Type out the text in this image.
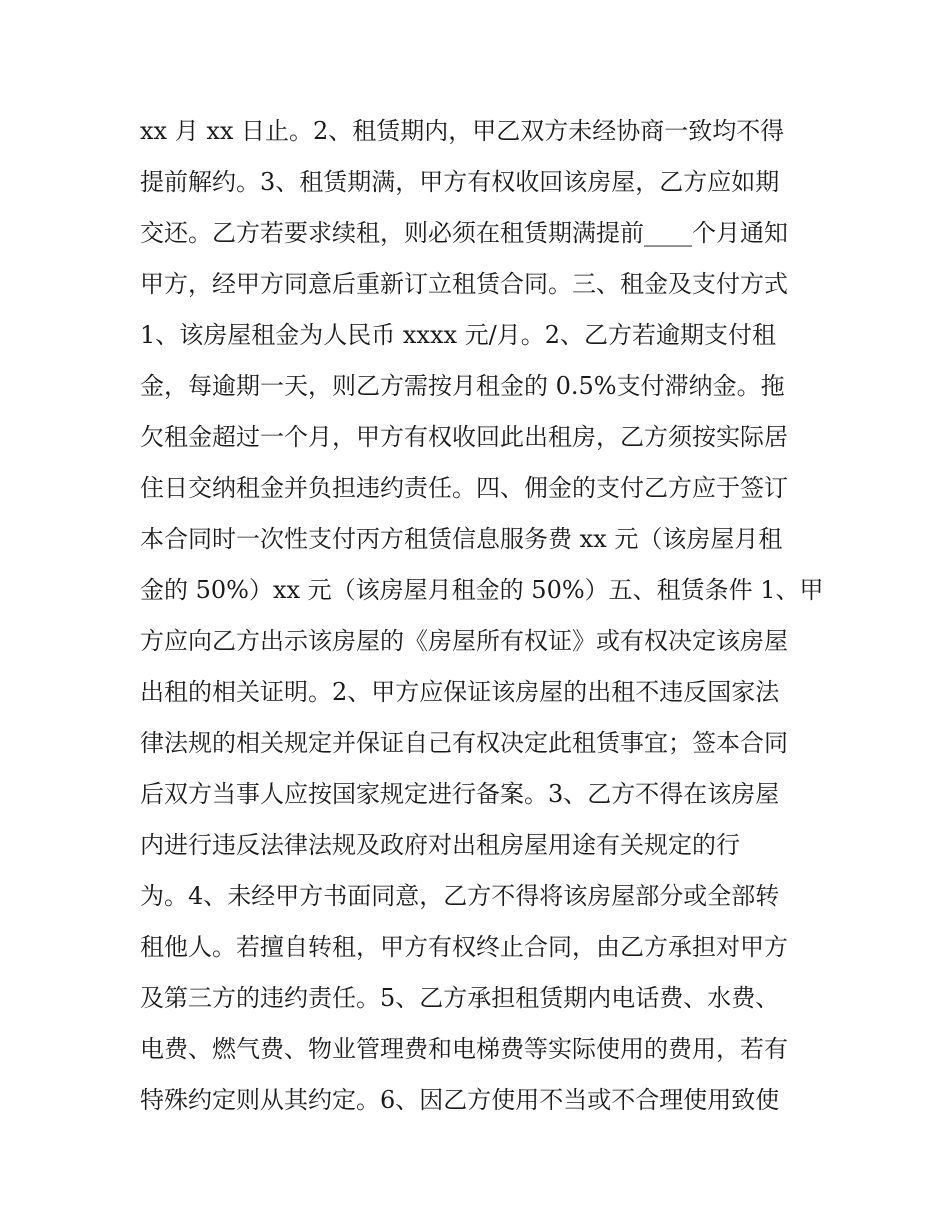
xx 月 xx 日止。2、租赁期内，甲乙双方未经协商一致均不得
提前解约。3、租赁期满，甲方有权收回该房屋，乙方应如期
交还。乙方若要求续租，则必须在租赁期满提前____个月通知
甲方，经甲方同意后重新订立租赁合同。三、租金及支付方式
1、该房屋租金为人民币 xxxx 元/月。2、乙方若逾期支付租
金，每逾期一天，则乙方需按月租金的 0.5%支付滞纳金。拖
欠租金超过一个月，甲方有权收回此出租房，乙方须按实际居
住日交纳租金并负担违约责任。四、佣金的支付乙方应于签订
本合同时一次性支付丙方租赁信息服务费 xx 元（该房屋月租
金的 50%）xx 元（该房屋月租金的 50%）五、租赁条件 1、甲
方应向乙方出示该房屋的《房屋所有权证》或有权决定该房屋
出租的相关证明。2、甲方应保证该房屋的出租不违反国家法
律法规的相关规定并保证自己有权决定此租赁事宜；签本合同
后双方当事人应按国家规定进行备案。3、乙方不得在该房屋
内进行违反法律法规及政府对出租房屋用途有关规定的行
为。4、未经甲方书面同意，乙方不得将该房屋部分或全部转
租他人。若擅自转租，甲方有权终止合同，由乙方承担对甲方
及第三方的违约责任。5、乙方承担租赁期内电话费、水费、
电费、燃气费、物业管理费和电梯费等实际使用的费用，若有
特殊约定则从其约定。6、因乙方使用不当或不合理使用致使
